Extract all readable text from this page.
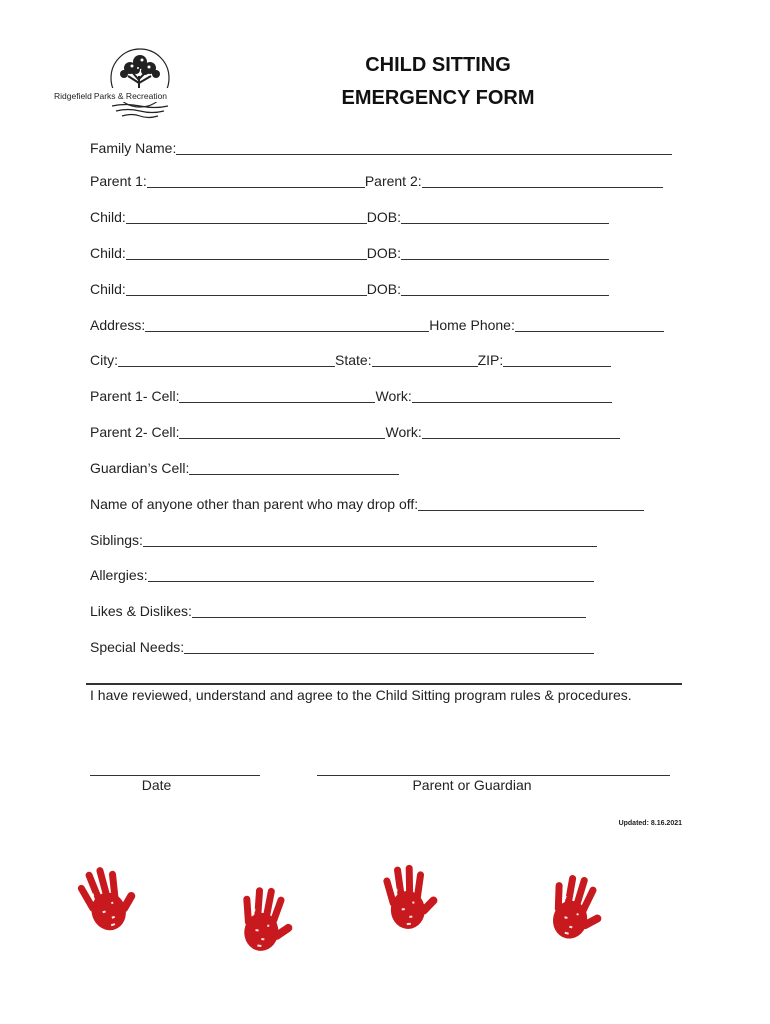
Ridgefield Parks & Recreation
CHILD SITTING
EMERGENCY FORM
Family Name:
Parent 1:	Parent 2:
Child:	DOB:
Child:	DOB:
Child:	DOB:
Address:	Home Phone:
City:	State:	ZIP:
Parent 1- Cell:	Work:
Parent 2- Cell:	Work:
Guardian’s Cell:
Name of anyone other than parent who may drop off:
Siblings:
Allergies:
Likes & Dislikes:
Special Needs:
I have reviewed, understand and agree to the Child Sitting program rules & procedures.
Date	Parent or Guardian
Updated: 8.16.2021
